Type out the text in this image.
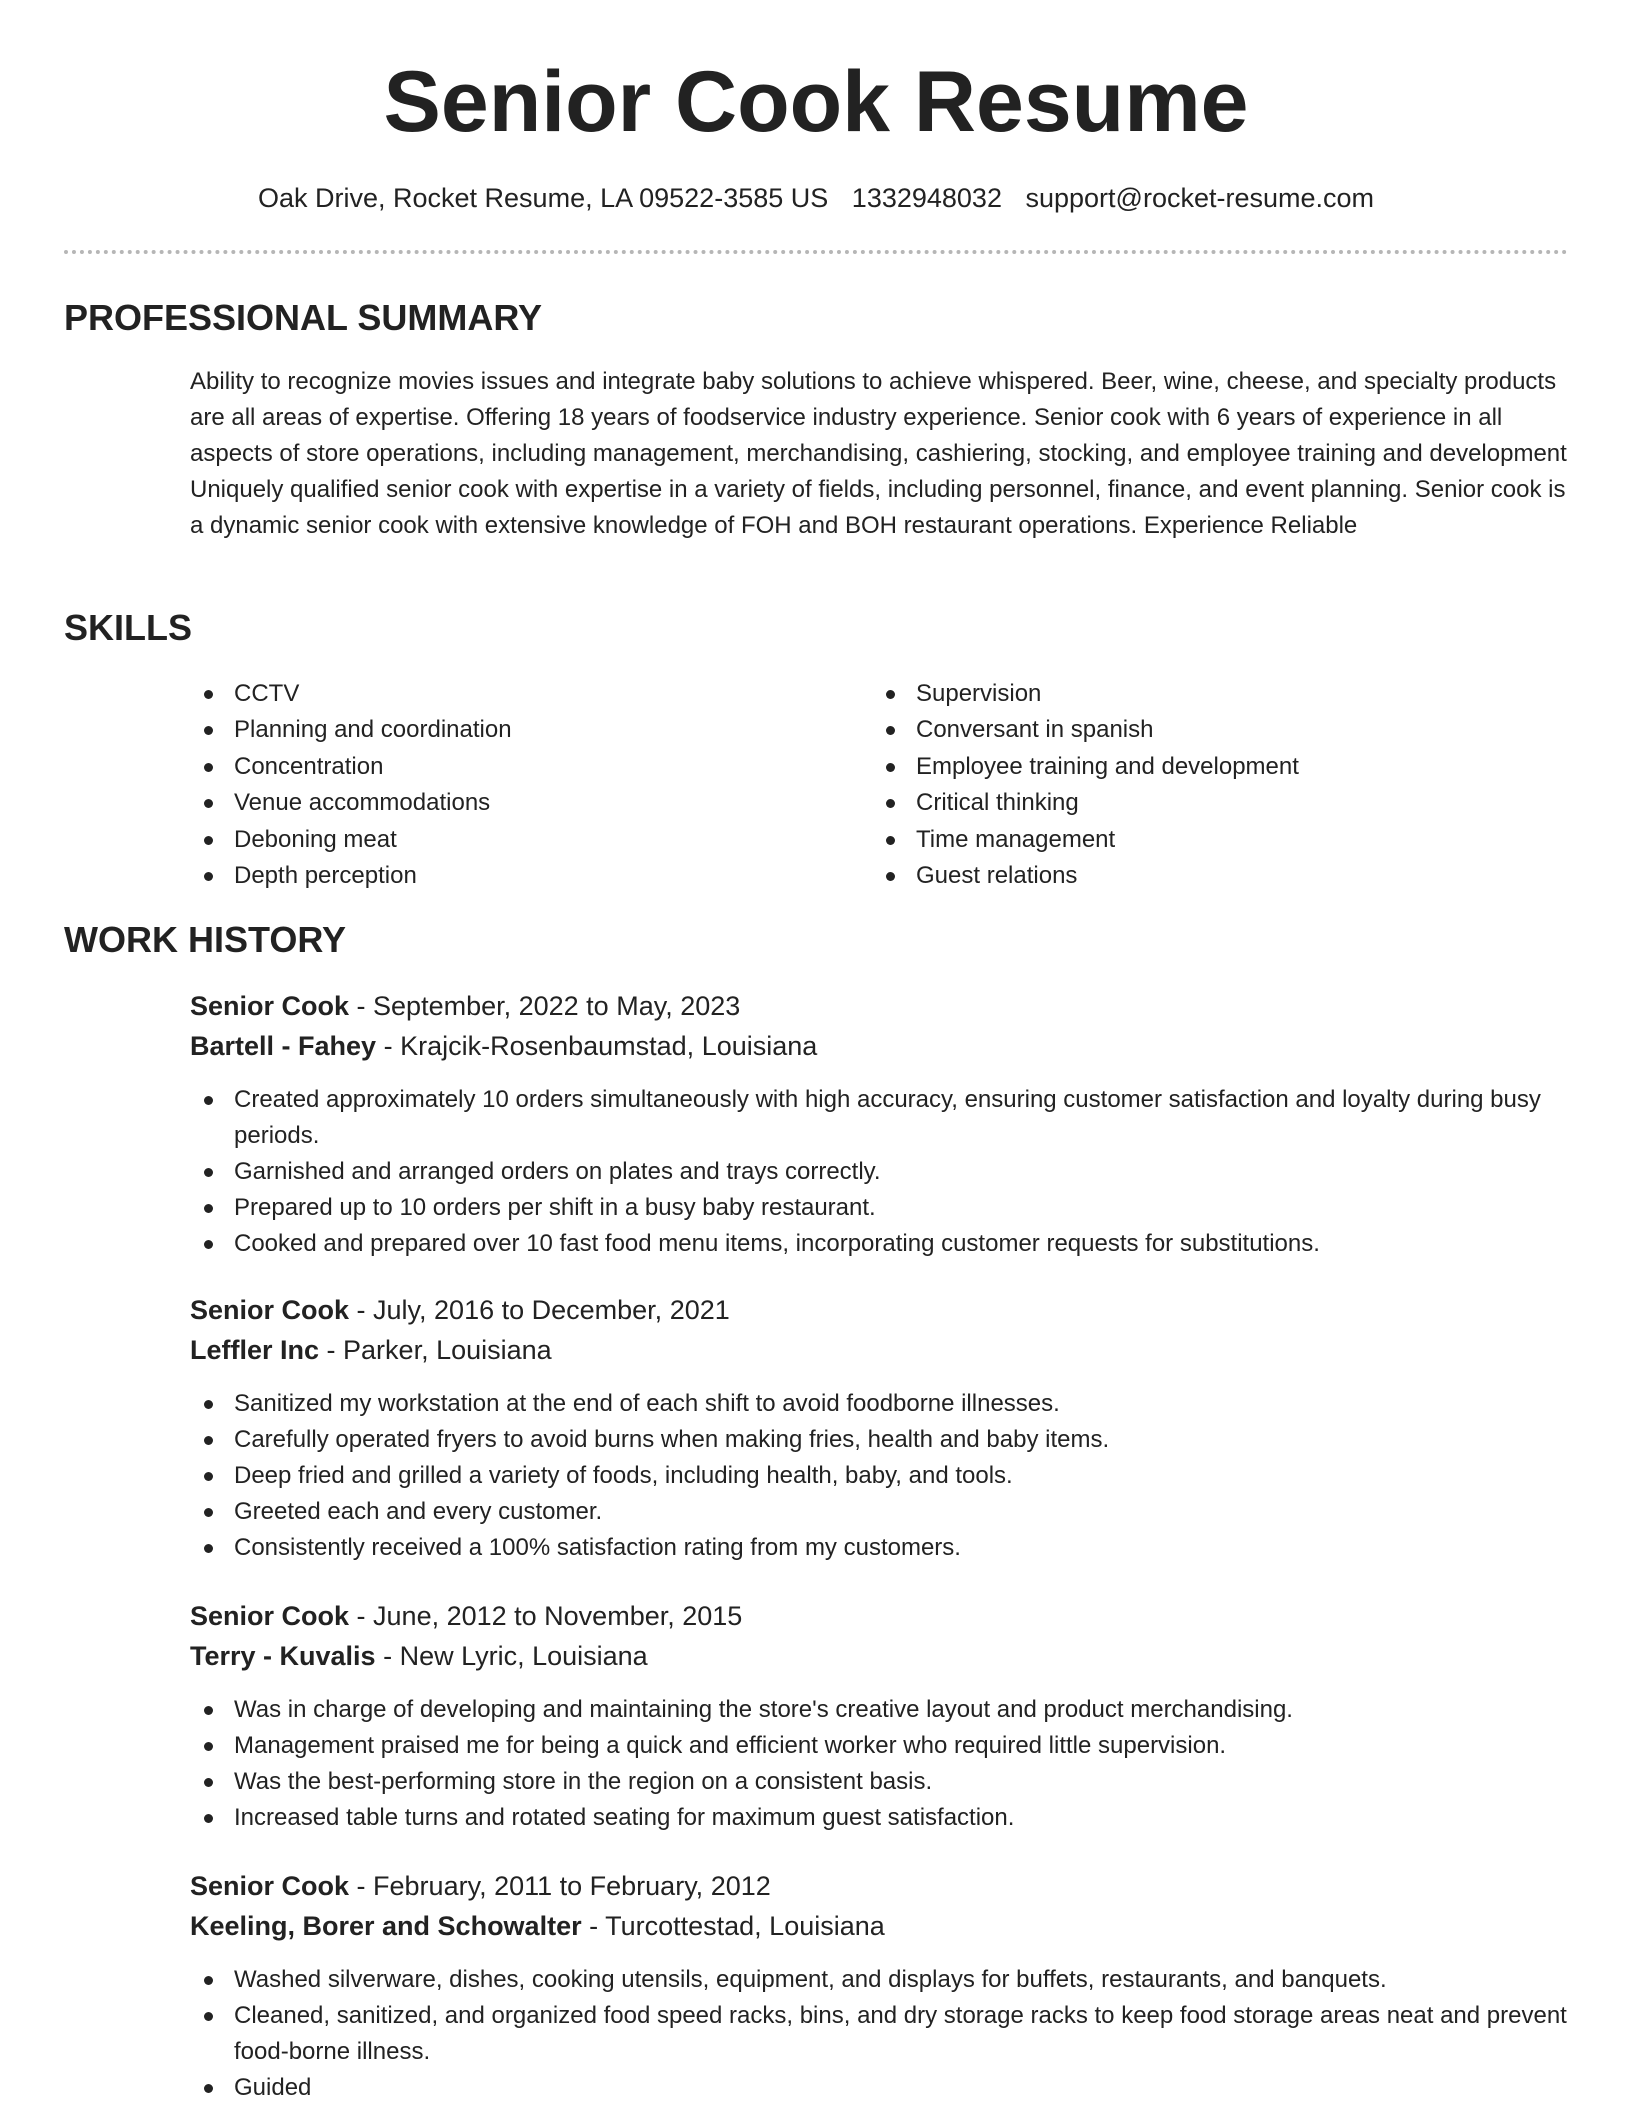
Senior Cook Resume
Oak Drive, Rocket Resume, LA 09522-3585 US 1332948032 support@rocket-resume.com
PROFESSIONAL SUMMARY

Ability to recognize movies issues and integrate baby solutions to achieve whispered. Beer, wine, cheese, and specialty products are all areas of expertise. Offering 18 years of foodservice industry experience. Senior cook with 6 years of experience in all aspects of store operations, including management, merchandising, cashiering, stocking, and employee training and development Uniquely qualified senior cook with expertise in a variety of fields, including personnel, finance, and event planning. Senior cook is a dynamic senior cook with extensive knowledge of FOH and BOH restaurant operations. Experience Reliable

SKILLS
CCTV
Planning and coordination
Concentration
Venue accommodations
Deboning meat
Depth perception
Supervision
Conversant in spanish
Employee training and development
Critical thinking
Time management
Guest relations
WORK HISTORY
Senior Cook - September, 2022 to May, 2023
Bartell - Fahey - Krajcik-Rosenbaumstad, Louisiana
Created approximately 10 orders simultaneously with high accuracy, ensuring customer satisfaction and loyalty during busy periods.
Garnished and arranged orders on plates and trays correctly.
Prepared up to 10 orders per shift in a busy baby restaurant.
Cooked and prepared over 10 fast food menu items, incorporating customer requests for substitutions.
Senior Cook - July, 2016 to December, 2021
Leffler Inc - Parker, Louisiana
Sanitized my workstation at the end of each shift to avoid foodborne illnesses.
Carefully operated fryers to avoid burns when making fries, health and baby items.
Deep fried and grilled a variety of foods, including health, baby, and tools.
Greeted each and every customer.
Consistently received a 100% satisfaction rating from my customers.
Senior Cook - June, 2012 to November, 2015
Terry - Kuvalis - New Lyric, Louisiana
Was in charge of developing and maintaining the store's creative layout and product merchandising.
Management praised me for being a quick and efficient worker who required little supervision.
Was the best-performing store in the region on a consistent basis.
Increased table turns and rotated seating for maximum guest satisfaction.
Senior Cook - February, 2011 to February, 2012
Keeling, Borer and Schowalter - Turcottestad, Louisiana
Washed silverware, dishes, cooking utensils, equipment, and displays for buffets, restaurants, and banquets.
Cleaned, sanitized, and organized food speed racks, bins, and dry storage racks to keep food storage areas neat and prevent food-borne illness.
Guided
